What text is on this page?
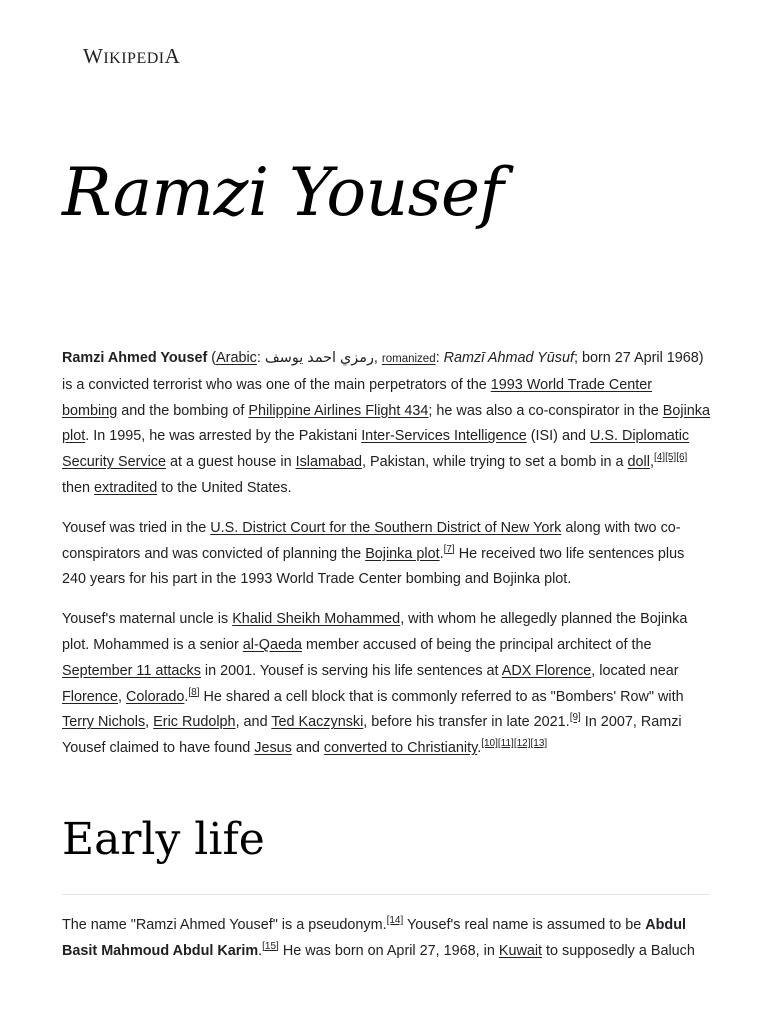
WIKIPEDIA
Ramzi Yousef

Ramzi Ahmed Yousef (Arabic: رمزي احمد يوسف, romanized: Ramzī Ahmad Yūsuf; born 27 April 1968) is a convicted terrorist who was one of the main perpetrators of the 1993 World Trade Center bombing and the bombing of Philippine Airlines Flight 434; he was also a co-conspirator in the Bojinka plot. In 1995, he was arrested by the Pakistani Inter-Services Intelligence (ISI) and U.S. Diplomatic Security Service at a guest house in Islamabad, Pakistan, while trying to set a bomb in a doll,[4][5][6] then extradited to the United States.

Yousef was tried in the U.S. District Court for the Southern District of New York along with two co-conspirators and was convicted of planning the Bojinka plot.[7] He received two life sentences plus 240 years for his part in the 1993 World Trade Center bombing and Bojinka plot.

Yousef's maternal uncle is Khalid Sheikh Mohammed, with whom he allegedly planned the Bojinka plot. Mohammed is a senior al-Qaeda member accused of being the principal architect of the September 11 attacks in 2001. Yousef is serving his life sentences at ADX Florence, located near Florence, Colorado.[8] He shared a cell block that is commonly referred to as "Bombers' Row" with Terry Nichols, Eric Rudolph, and Ted Kaczynski, before his transfer in late 2021.[9] In 2007, Ramzi Yousef claimed to have found Jesus and converted to Christianity.[10][11][12][13]

Early life

The name "Ramzi Ahmed Yousef" is a pseudonym.[14] Yousef's real name is assumed to be Abdul Basit Mahmoud Abdul Karim.[15] He was born on April 27, 1968, in Kuwait to supposedly a Baluch
